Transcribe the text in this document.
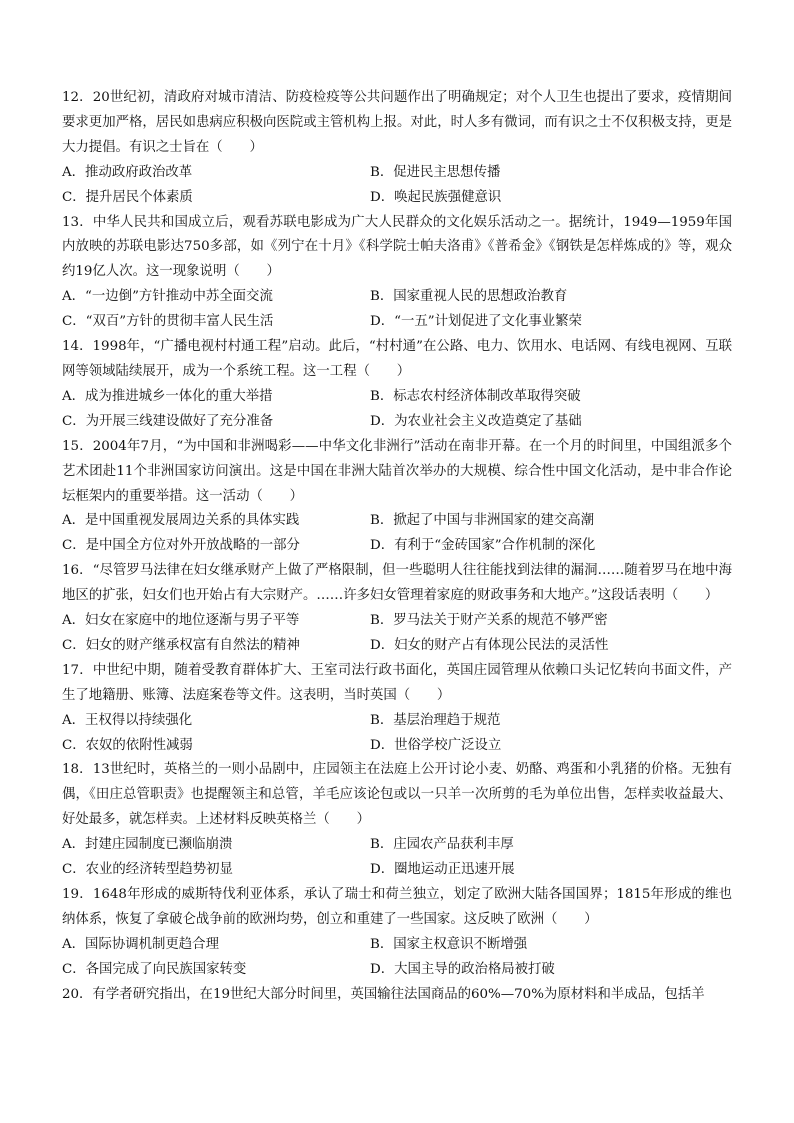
12．20世纪初，清政府对城市清洁、防疫检疫等公共问题作出了明确规定；对个人卫生也提出了要求，疫情期间要求更加严格，居民如患病应积极向医院或主管机构上报。对此，时人多有微词，而有识之士不仅积极支持，更是大力提倡。有识之士旨在（　　）

A．推动政府政治改革	B．促进民主思想传播
C．提升居民个体素质	D．唤起民族强健意识

13．中华人民共和国成立后，观看苏联电影成为广大人民群众的文化娱乐活动之一。据统计，1949—1959年国内放映的苏联电影达750多部，如《列宁在十月》《科学院士帕夫洛甫》《普希金》《钢铁是怎样炼成的》等，观众约19亿人次。这一现象说明（　　）

A．“一边倒”方针推动中苏全面交流	B．国家重视人民的思想政治教育
C．“双百”方针的贯彻丰富人民生活	D．“一五”计划促进了文化事业繁荣

14．1998年，“广播电视村村通工程”启动。此后，“村村通”在公路、电力、饮用水、电话网、有线电视网、互联网等领域陆续展开，成为一个系统工程。这一工程（　　）

A．成为推进城乡一体化的重大举措	B．标志农村经济体制改革取得突破
C．为开展三线建设做好了充分准备	D．为农业社会主义改造奠定了基础

15．2004年7月，“为中国和非洲喝彩——中华文化非洲行”活动在南非开幕。在一个月的时间里，中国组派多个艺术团赴11个非洲国家访问演出。这是中国在非洲大陆首次举办的大规模、综合性中国文化活动，是中非合作论坛框架内的重要举措。这一活动（　　）

A．是中国重视发展周边关系的具体实践	B．掀起了中国与非洲国家的建交高潮
C．是中国全方位对外开放战略的一部分	D．有利于“金砖国家”合作机制的深化

16．“尽管罗马法律在妇女继承财产上做了严格限制，但一些聪明人往往能找到法律的漏洞……随着罗马在地中海地区的扩张，妇女们也开始占有大宗财产。……许多妇女管理着家庭的财政事务和大地产。”这段话表明（　　）

A．妇女在家庭中的地位逐渐与男子平等	B．罗马法关于财产关系的规范不够严密
C．妇女的财产继承权富有自然法的精神	D．妇女的财产占有体现公民法的灵活性

17．中世纪中期，随着受教育群体扩大、王室司法行政书面化，英国庄园管理从依赖口头记忆转向书面文件，产生了地籍册、账簿、法庭案卷等文件。这表明，当时英国（　　）

A．王权得以持续强化	B．基层治理趋于规范
C．农奴的依附性减弱	D．世俗学校广泛设立

18．13世纪时，英格兰的一则小品剧中，庄园领主在法庭上公开讨论小麦、奶酪、鸡蛋和小乳猪的价格。无独有偶，《田庄总管职责》也提醒领主和总管，羊毛应该论包或以一只羊一次所剪的毛为单位出售，怎样卖收益最大、好处最多，就怎样卖。上述材料反映英格兰（　　）

A．封建庄园制度已濒临崩溃	B．庄园农产品获利丰厚
C．农业的经济转型趋势初显	D．圈地运动正迅速开展

19．1648年形成的威斯特伐利亚体系，承认了瑞士和荷兰独立，划定了欧洲大陆各国国界；1815年形成的维也纳体系，恢复了拿破仑战争前的欧洲均势，创立和重建了一些国家。这反映了欧洲（　　）

A．国际协调机制更趋合理	B．国家主权意识不断增强
C．各国完成了向民族国家转变	D．大国主导的政治格局被打破

20．有学者研究指出，在19世纪大部分时间里，英国输往法国商品的60%—70%为原材料和半成品，包括羊
